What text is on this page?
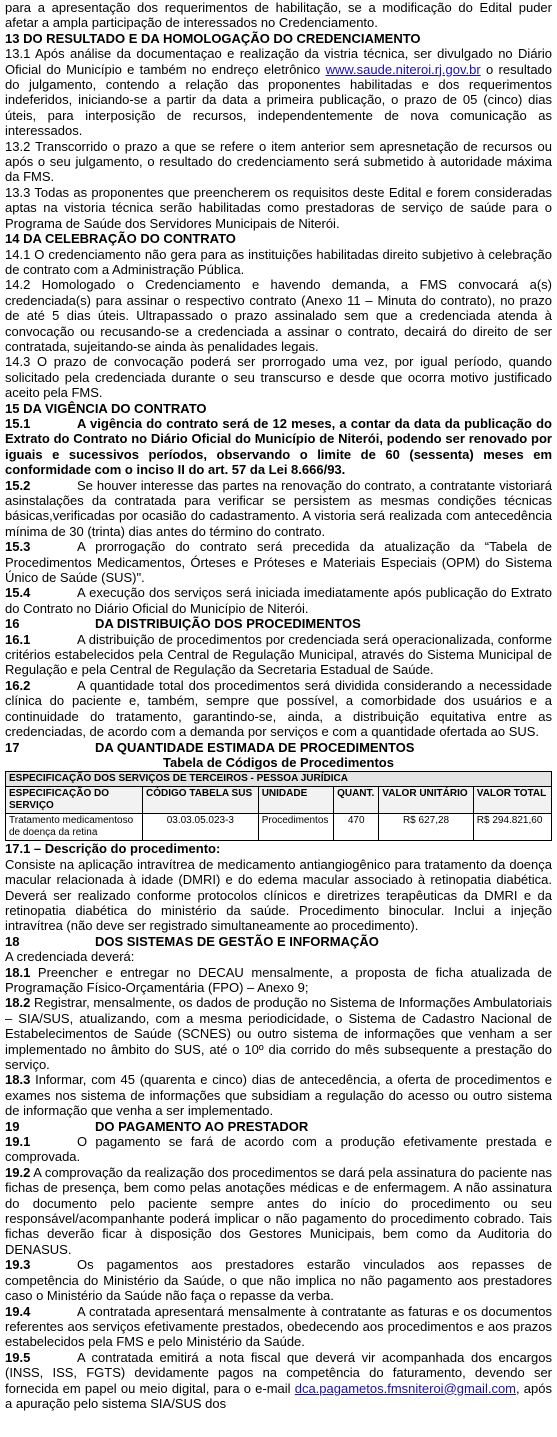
para a apresentação dos requerimentos de habilitação, se a modificação do Edital puder afetar a ampla participação de interessados no Credenciamento.

13 DO RESULTADO E DA HOMOLOGAÇÃO DO CREDENCIAMENTO

13.1 Após análise da documentaçao e realização da vistria técnica, ser divulgado no Diário Oficial do Município e também no endreço eletrônico www.saude.niteroi.rj.gov.br o resultado do julgamento, contendo a relação das proponentes habilitadas e dos requerimentos indeferidos, iniciando-se a partir da data a primeira publicação, o prazo de 05 (cinco) dias úteis, para interposição de recursos, independentemente de nova comunicação as interessados.

13.2 Transcorrido o prazo a que se refere o item anterior sem apresnetação de recursos ou após o seu julgamento, o resultado do credenciamento será submetido à autoridade máxima da FMS.

13.3 Todas as proponentes que preencherem os requisitos deste Edital e forem consideradas aptas na vistoria técnica serão habilitadas como prestadoras de serviço de saúde para o Programa de Saúde dos Servidores Municipais de Niterói.

14 DA CELEBRAÇÃO DO CONTRATO

14.1 O credenciamento não gera para as instituições habilitadas direito subjetivo à celebração de contrato com a Administração Pública.

14.2 Homologado o Credenciamento e havendo demanda, a FMS convocará a(s) credenciada(s) para assinar o respectivo contrato (Anexo 11 – Minuta do contrato), no prazo de até 5 dias úteis. Ultrapassado o prazo assinalado sem que a credenciada atenda à convocação ou recusando-se a credenciada a assinar o contrato, decairá do direito de ser contratada, sujeitando-se ainda às penalidades legais.

14.3 O prazo de convocação poderá ser prorrogado uma vez, por igual período, quando solicitado pela credenciada durante o seu transcurso e desde que ocorra motivo justificado aceito pela FMS.

15 DA VIGÊNCIA DO CONTRATO

15.1	A vigência do contrato será de 12 meses, a contar da data da publicação do Extrato do Contrato no Diário Oficial do Município de Niterói, podendo ser renovado por iguais e sucessivos períodos, observando o limite de 60 (sessenta) meses em conformidade com o inciso II do art. 57 da Lei 8.666/93.

15.2	Se houver interesse das partes na renovação do contrato, a contratante vistoriará asinstalações da contratada para verificar se persistem as mesmas condições técnicas básicas,verificadas por ocasião do cadastramento. A vistoria será realizada com antecedência mínima de 30 (trinta) dias antes do término do contrato.

15.3	A prorrogação do contrato será precedida da atualização da “Tabela de Procedimentos Medicamentos, Órteses e Próteses e Materiais Especiais (OPM) do Sistema Único de Saúde (SUS)".

15.4	A execução dos serviços será iniciada imediatamente após publicação do Extrato do Contrato no Diário Oficial do Município de Niterói.

16	DA DISTRIBUIÇÃO DOS PROCEDIMENTOS

16.1	A distribuição de procedimentos por credenciada será operacionalizada, conforme critérios estabelecidos pela Central de Regulação Municipal, através do Sistema Municipal de Regulação e pela Central de Regulação da Secretaria Estadual de Saúde.

16.2	A quantidade total dos procedimentos será dividida considerando a necessidade clínica do paciente e, também, sempre que possível, a comorbidade dos usuários e a continuidade do tratamento, garantindo-se, ainda, a distribuição equitativa entre as credenciadas, de acordo com a demanda por serviços e com a quantidade ofertada ao SUS.

17	DA QUANTIDADE ESTIMADA DE PROCEDIMENTOS

Tabela de Códigos de Procedimentos

ESPECIFICAÇÃO DOS SERVIÇOS DE TERCEIROS - PESSOA JURÍDICA					
ESPECIFICAÇÃO DO SERVIÇO	CÓDIGO TABELA SUS	UNIDADE	QUANT.	VALOR UNITÁRIO	VALOR TOTAL
Tratamento medicamentoso de doença da retina	03.03.05.023-3	Procedimentos	470	R$ 627,28	R$ 294.821,60

17.1 – Descrição do procedimento:

Consiste na aplicação intravítrea de medicamento antiangiogênico para tratamento da doença macular relacionada à idade (DMRI) e do edema macular associado à retinopatia diabética. Deverá ser realizado conforme protocolos clínicos e diretrizes terapêuticas da DMRI e da retinopatia diabética do ministério da saúde. Procedimento binocular. Inclui a injeção intravítrea (não deve ser registrado simultaneamente ao procedimento).

18	DOS SISTEMAS DE GESTÃO E INFORMAÇÃO

A credenciada deverá:

18.1 Preencher e entregar no DECAU mensalmente, a proposta de ficha atualizada de Programação Físico-Orçamentária (FPO) – Anexo 9;

18.2 Registrar, mensalmente, os dados de produção no Sistema de Informações Ambulatoriais – SIA/SUS, atualizando, com a mesma periodicidade, o Sistema de Cadastro Nacional de Estabelecimentos de Saúde (SCNES) ou outro sistema de informações que venham a ser implementado no âmbito do SUS, até o 10º dia corrido do mês subsequente a prestação do serviço.

18.3 Informar, com 45 (quarenta e cinco) dias de antecedência, a oferta de procedimentos e exames nos sistema de informações que subsidiam a regulação do acesso ou outro sistema de informação que venha a ser implementado.

19	DO PAGAMENTO AO PRESTADOR

19.1	O pagamento se fará de acordo com a produção efetivamente prestada e comprovada.

19.2 A comprovação da realização dos procedimentos se dará pela assinatura do paciente nas fichas de presença, bem como pelas anotações médicas e de enfermagem. A não assinatura do documento pelo paciente sempre antes do início do procedimento ou seu responsável/acompanhante poderá implicar o não pagamento do procedimento cobrado. Tais fichas deverão ficar à disposição dos Gestores Municipais, bem como da Auditoria do DENASUS.

19.3	Os pagamentos aos prestadores estarão vinculados aos repasses de competência do Ministério da Saúde, o que não implica no não pagamento aos prestadores caso o Ministério da Saúde não faça o repasse da verba.

19.4	A contratada apresentará mensalmente à contratante as faturas e os documentos referentes aos serviços efetivamente prestados, obedecendo aos procedimentos e aos prazos estabelecidos pela FMS e pelo Ministério da Saúde.

19.5	A contratada emitirá a nota fiscal que deverá vir acompanhada dos encargos (INSS, ISS, FGTS) devidamente pagos na competência do faturamento, devendo ser fornecida em papel ou meio digital, para o e-mail dca.pagametos.fmsniteroi@gmail.com, após a apuração pelo sistema SIA/SUS dos
